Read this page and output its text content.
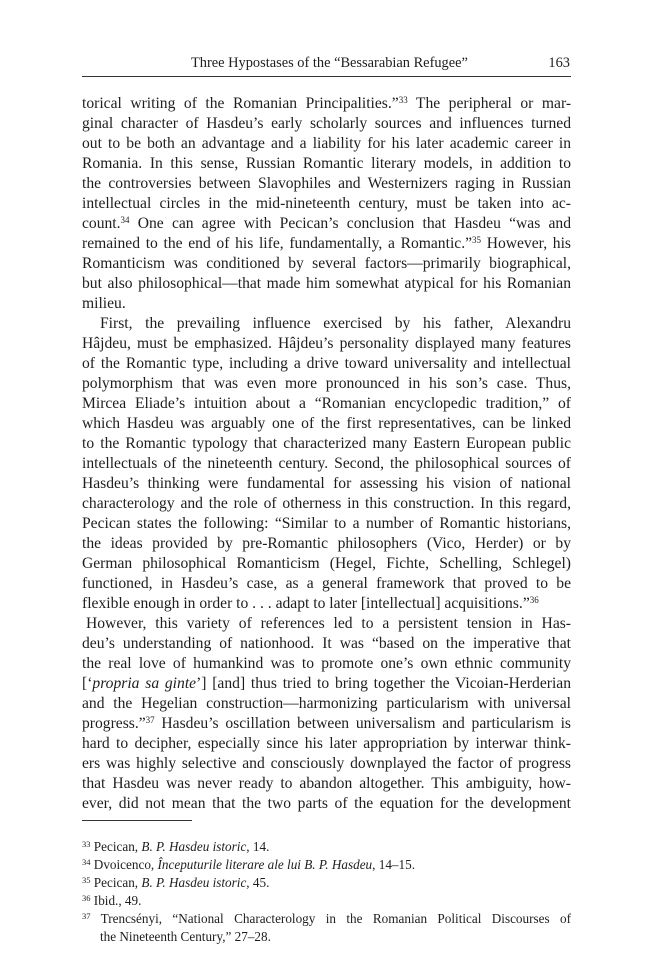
Three Hypostases of the “Bessarabian Refugee”	163
torical writing of the Romanian Principalities.”$^{33}$ The peripheral or mar-
ginal character of Hasdeu’s early scholarly sources and influences turned
out to be both an advantage and a liability for his later academic career in
Romania. In this sense, Russian Romantic literary models, in addition to
the controversies between Slavophiles and Westernizers raging in Russian
intellectual circles in the mid-nineteenth century, must be taken into ac-
count.$^{34}$ One can agree with Pecican’s conclusion that Hasdeu “was and
remained to the end of his life, fundamentally, a Romantic.”$^{35}$ However, his
Romanticism was conditioned by several factors—primarily biographical,
but also philosophical—that made him somewhat atypical for his Romanian
milieu.
First, the prevailing influence exercised by his father, Alexandru
Hâjdeu, must be emphasized. Hâjdeu’s personality displayed many features
of the Romantic type, including a drive toward universality and intellectual
polymorphism that was even more pronounced in his son’s case. Thus,
Mircea Eliade’s intuition about a “Romanian encyclopedic tradition,” of
which Hasdeu was arguably one of the first representatives, can be linked
to the Romantic typology that characterized many Eastern European public
intellectuals of the nineteenth century. Second, the philosophical sources of
Hasdeu’s thinking were fundamental for assessing his vision of national
characterology and the role of otherness in this construction. In this regard,
Pecican states the following: “Similar to a number of Romantic historians,
the ideas provided by pre-Romantic philosophers (Vico, Herder) or by
German philosophical Romanticism (Hegel, Fichte, Schelling, Schlegel)
functioned, in Hasdeu’s case, as a general framework that proved to be
flexible enough in order to . . . adapt to later [intellectual] acquisitions.”$^{36}$
However, this variety of references led to a persistent tension in Has-
deu’s understanding of nationhood. It was “based on the imperative that
the real love of humankind was to promote one’s own ethnic community
[‘propria sa ginte’] [and] thus tried to bring together the Vicoian-Herderian
and the Hegelian construction—harmonizing particularism with universal
progress.”$^{37}$ Hasdeu’s oscillation between universalism and particularism is
hard to decipher, especially since his later appropriation by interwar think-
ers was highly selective and consciously downplayed the factor of progress
that Hasdeu was never ready to abandon altogether. This ambiguity, how-
ever, did not mean that the two parts of the equation for the development
$^{33}$ Pecican, B. P. Hasdeu istoric, 14.
$^{34}$ Dvoicenco, Începuturile literare ale lui B. P. Hasdeu, 14–15.
$^{35}$ Pecican, B. P. Hasdeu istoric, 45.
$^{36}$ Ibid., 49.
$^{37}$ Trencsényi, “National Characterology in the Romanian Political Discourses of
the Nineteenth Century,” 27–28.
